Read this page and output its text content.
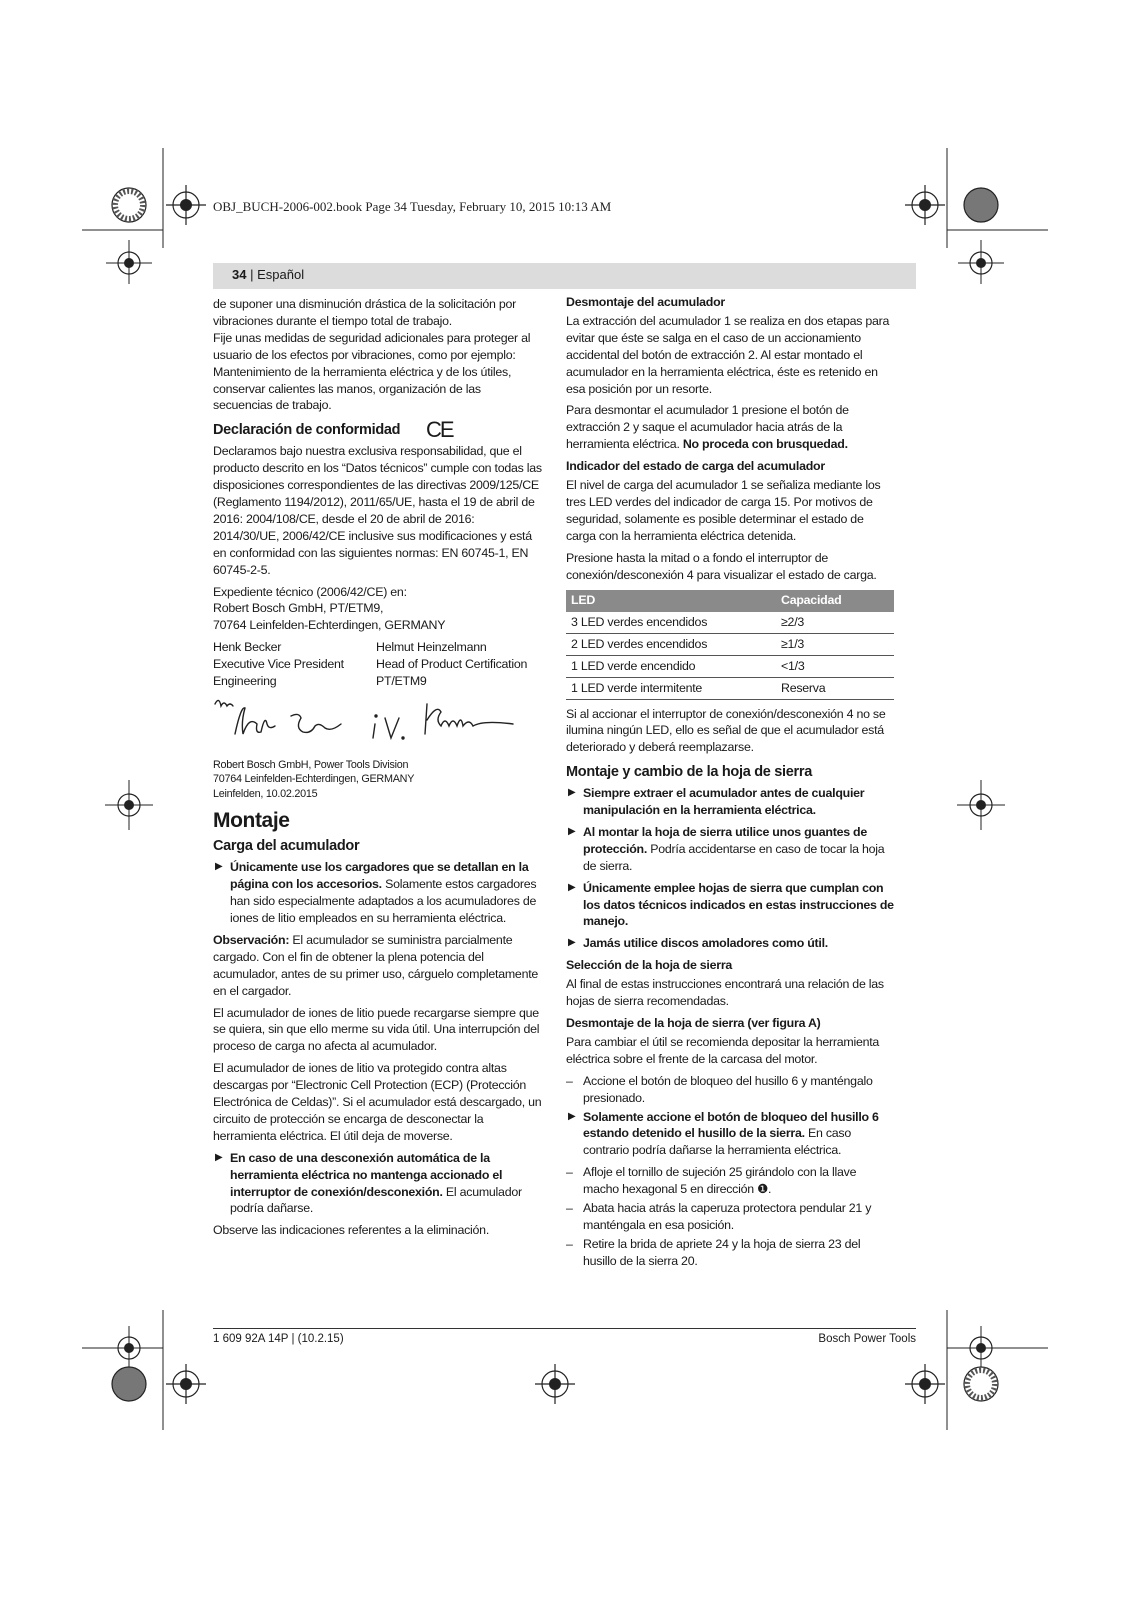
OBJ_BUCH-2006-002.book Page 34 Tuesday, February 10, 2015 10:13 AM
34 | Español

de suponer una disminución drástica de la solicitación por vibraciones durante el tiempo total de trabajo.

Fije unas medidas de seguridad adicionales para proteger al usuario de los efectos por vibraciones, como por ejemplo: Mantenimiento de la herramienta eléctrica y de los útiles, conservar calientes las manos, organización de las secuencias de trabajo.

Declaración de conformidad CE

Declaramos bajo nuestra exclusiva responsabilidad, que el producto descrito en los “Datos técnicos” cumple con todas las disposiciones correspondientes de las directivas 2009/125/CE (Reglamento 1194/2012), 2011/65/UE, hasta el 19 de abril de 2016: 2004/108/CE, desde el 20 de abril de 2016: 2014/30/UE, 2006/42/CE inclusive sus modificaciones y está en conformidad con las siguientes normas: EN 60745-1, EN 60745-2-5.

Expediente técnico (2006/42/CE) en:
Robert Bosch GmbH, PT/ETM9,
70764 Leinfelden-Echterdingen, GERMANY

Henk Becker	Helmut Heinzelmann
Executive Vice President	Head of Product Certification
Engineering	PT/ETM9
Robert Bosch GmbH, Power Tools Division
70764 Leinfelden-Echterdingen, GERMANY
Leinfelden, 10.02.2015
Montaje
Carga del acumulador
▶ Únicamente use los cargadores que se detallan en la página con los accesorios. Solamente estos cargadores han sido especialmente adaptados a los acumuladores de iones de litio empleados en su herramienta eléctrica.

Observación: El acumulador se suministra parcialmente cargado. Con el fin de obtener la plena potencia del acumulador, antes de su primer uso, cárguelo completamente en el cargador.

El acumulador de iones de litio puede recargarse siempre que se quiera, sin que ello merme su vida útil. Una interrupción del proceso de carga no afecta al acumulador.

El acumulador de iones de litio va protegido contra altas descargas por “Electronic Cell Protection (ECP) (Protección Electrónica de Celdas)”. Si el acumulador está descargado, un circuito de protección se encarga de desconectar la herramienta eléctrica. El útil deja de moverse.

▶ En caso de una desconexión automática de la herramienta eléctrica no mantenga accionado el interruptor de conexión/desconexión. El acumulador podría dañarse.

Observe las indicaciones referentes a la eliminación.

Desmontaje del acumulador

La extracción del acumulador 1 se realiza en dos etapas para evitar que éste se salga en el caso de un accionamiento accidental del botón de extracción 2. Al estar montado el acumulador en la herramienta eléctrica, éste es retenido en esa posición por un resorte.

Para desmontar el acumulador 1 presione el botón de extracción 2 y saque el acumulador hacia atrás de la herramienta eléctrica. No proceda con brusquedad.

Indicador del estado de carga del acumulador

El nivel de carga del acumulador 1 se señaliza mediante los tres LED verdes del indicador de carga 15. Por motivos de seguridad, solamente es posible determinar el estado de carga con la herramienta eléctrica detenida.

Presione hasta la mitad o a fondo el interruptor de conexión/desconexión 4 para visualizar el estado de carga.

LED	Capacidad
3 LED verdes encendidos	≥2/3
2 LED verdes encendidos	≥1/3
1 LED verde encendido	<1/3
1 LED verde intermitente	Reserva

Si al accionar el interruptor de conexión/desconexión 4 no se ilumina ningún LED, ello es señal de que el acumulador está deteriorado y deberá reemplazarse.

Montaje y cambio de la hoja de sierra
▶ Siempre extraer el acumulador antes de cualquier manipulación en la herramienta eléctrica.
▶ Al montar la hoja de sierra utilice unos guantes de protección. Podría accidentarse en caso de tocar la hoja de sierra.
▶ Únicamente emplee hojas de sierra que cumplan con los datos técnicos indicados en estas instrucciones de manejo.
▶ Jamás utilice discos amoladores como útil.
Selección de la hoja de sierra

Al final de estas instrucciones encontrará una relación de las hojas de sierra recomendadas.

Desmontaje de la hoja de sierra (ver figura A)

Para cambiar el útil se recomienda depositar la herramienta eléctrica sobre el frente de la carcasa del motor.

– Accione el botón de bloqueo del husillo 6 y manténgalo presionado.
▶ Solamente accione el botón de bloqueo del husillo 6 estando detenido el husillo de la sierra. En caso contrario podría dañarse la herramienta eléctrica.
– Afloje el tornillo de sujeción 25 girándolo con la llave macho hexagonal 5 en dirección ❶.
– Abata hacia atrás la caperuza protectora pendular 21 y manténgala en esa posición.
– Retire la brida de apriete 24 y la hoja de sierra 23 del husillo de la sierra 20.
1 609 92A 14P | (10.2.15)	Bosch Power Tools
